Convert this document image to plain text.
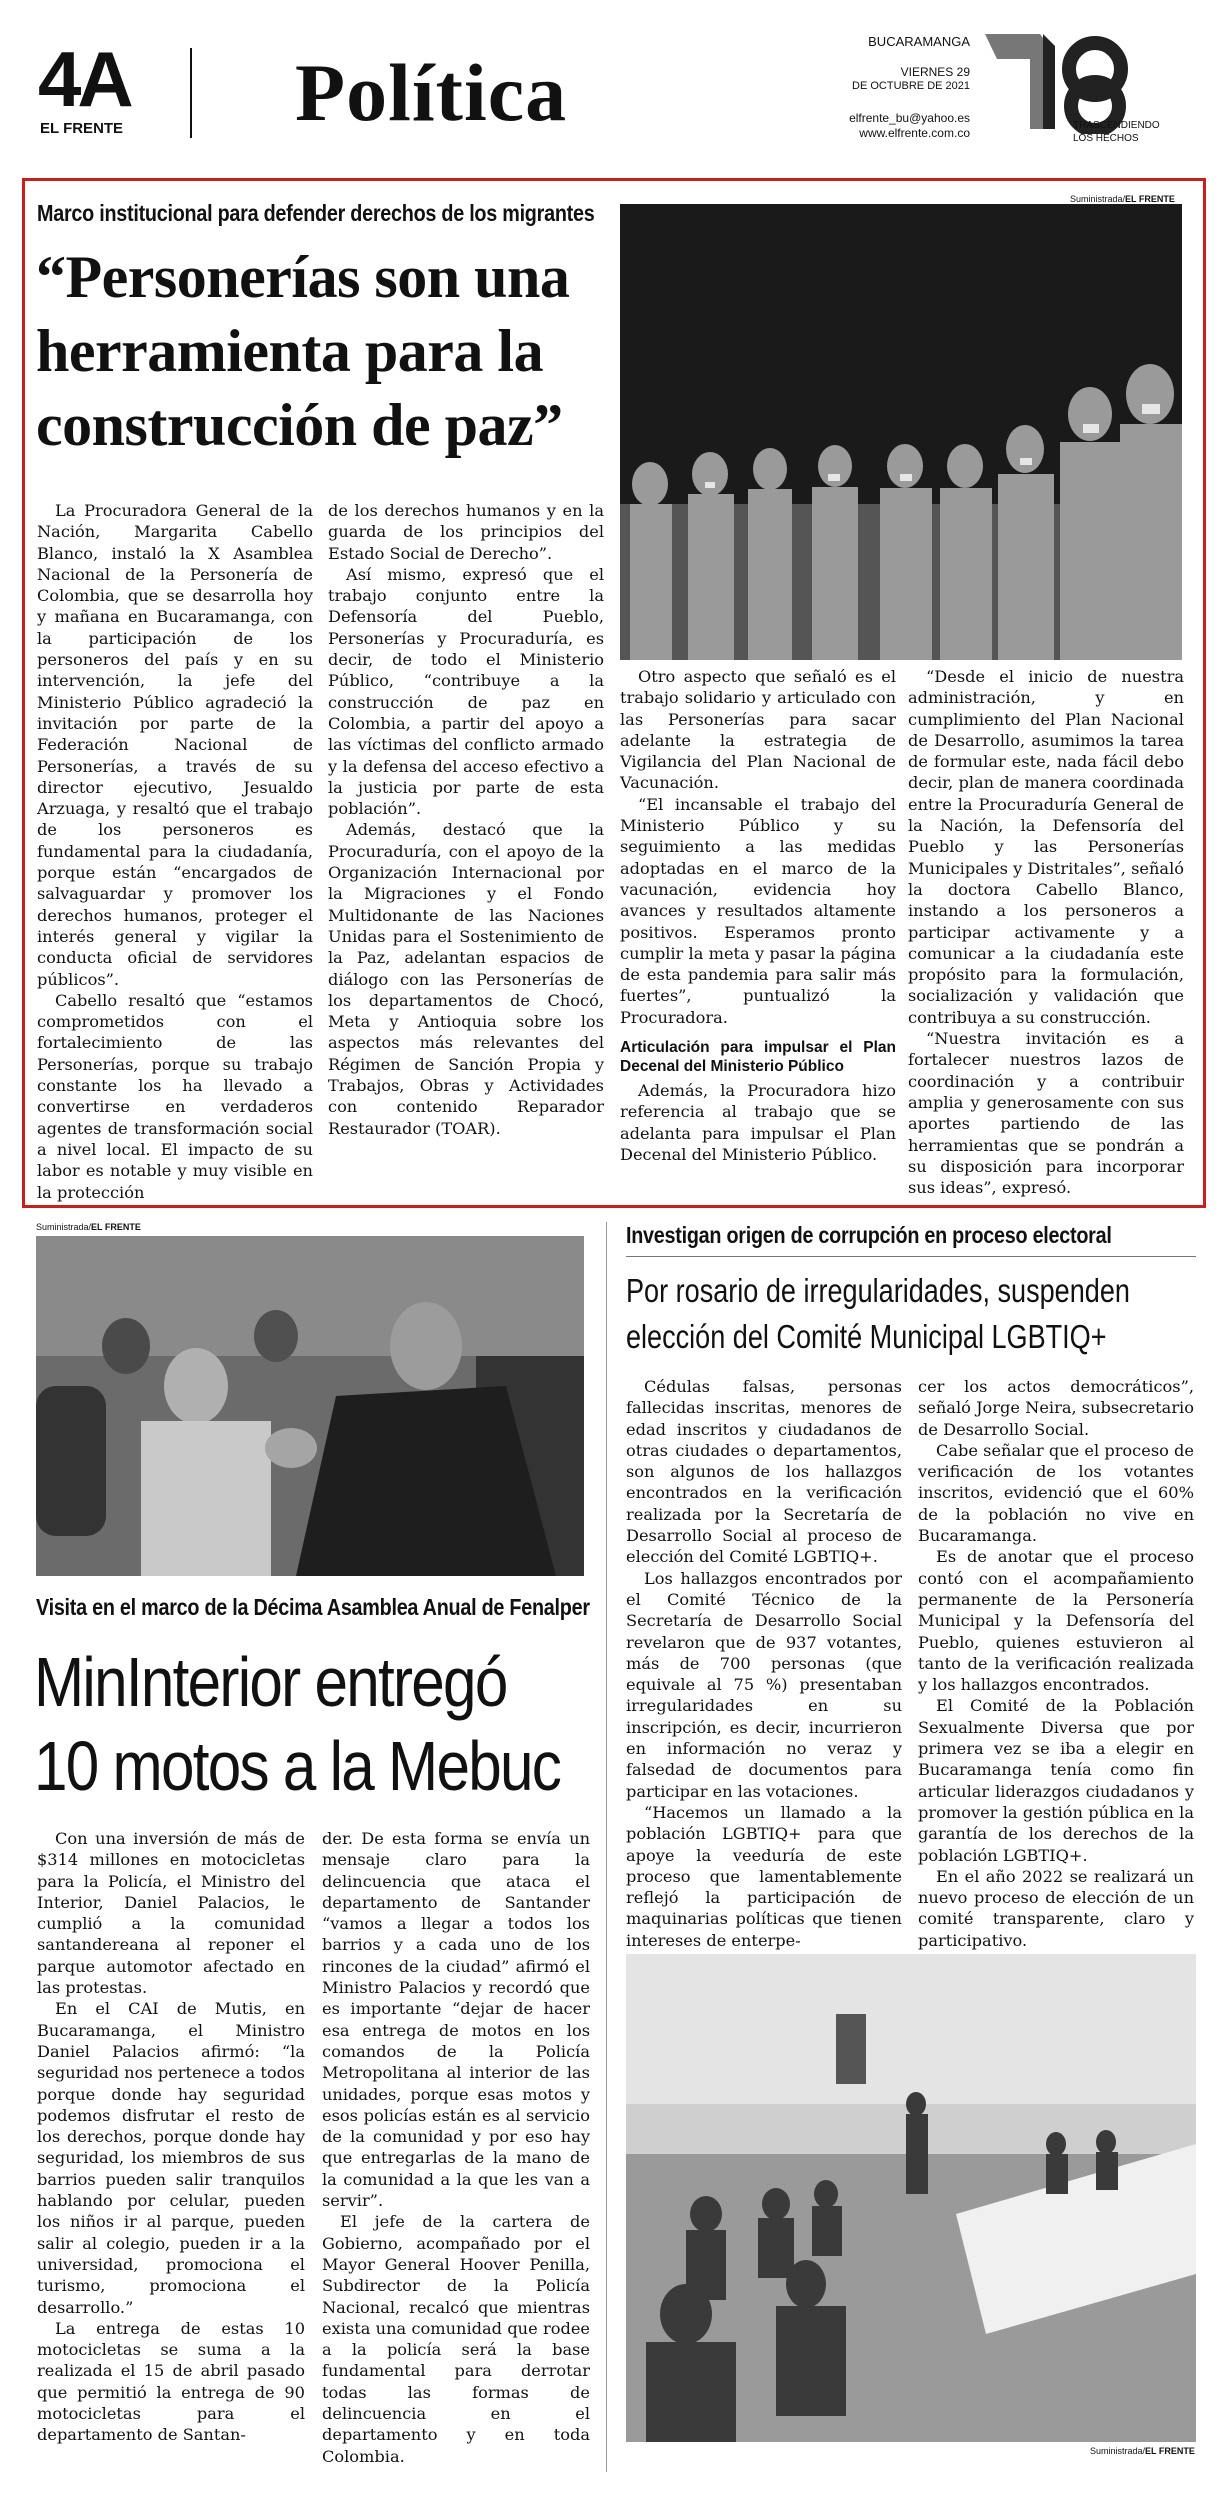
4A
EL FRENTE Política
BUCARAMANGA
VIERNES 29
DE OCTUBRE DE 2021
elfrente_bu@yahoo.es
www.elfrente.com.co
TRASCENDIENDO
LOS HECHOS
Marco institucional para defender derechos de los migrantes
“Personerías son una
herramienta para la
construcción de paz”
Suministrada/EL FRENTE

La Procuradora General de la Nación, Margarita Cabello Blanco, instaló la X Asamblea Nacional de la Personería de Colombia, que se desarrolla hoy y mañana en Bucaramanga, con la participación de los personeros del país y en su intervención, la jefe del Ministerio Público agradeció la invitación por parte de la Federación Nacional de Personerías, a través de su director ejecutivo, Jesualdo Arzuaga, y resaltó que el trabajo de los personeros es fundamental para la ciudadanía, porque están “encargados de salvaguardar y promover los derechos humanos, proteger el interés general y vigilar la conducta oficial de servidores públicos”.

Cabello resaltó que “estamos comprometidos con el fortalecimiento de las Personerías, porque su trabajo constante los ha llevado a convertirse en verdaderos agentes de transformación social a nivel local. El impacto de su labor es notable y muy visible en la protección

de los derechos humanos y en la guarda de los principios del Estado Social de Derecho”.

Así mismo, expresó que el trabajo conjunto entre la Defensoría del Pueblo, Personerías y Procuraduría, es decir, de todo el Ministerio Público, “contribuye a la construcción de paz en Colombia, a partir del apoyo a las víctimas del conflicto armado y la defensa del acceso efectivo a la justicia por parte de esta población”.

Además, destacó que la Procuraduría, con el apoyo de la Organización Internacional por la Migraciones y el Fondo Multidonante de las Naciones Unidas para el Sostenimiento de la Paz, adelantan espacios de diálogo con las Personerías de los departamentos de Chocó, Meta y Antioquia sobre los aspectos más relevantes del Régimen de Sanción Propia y Trabajos, Obras y Actividades con contenido Reparador Restaurador (TOAR).

Otro aspecto que señaló es el trabajo solidario y articulado con las Personerías para sacar adelante la estrategia de Vigilancia del Plan Nacional de Vacunación.

“El incansable el trabajo del Ministerio Público y su seguimiento a las medidas adoptadas en el marco de la vacunación, evidencia hoy avances y resultados altamente positivos. Esperamos pronto cumplir la meta y pasar la página de esta pandemia para salir más fuertes”, puntualizó la Procuradora.

Articulación para impulsar el Plan Decenal del Ministerio Público

Además, la Procuradora hizo referencia al trabajo que se adelanta para impulsar el Plan Decenal del Ministerio Público.

“Desde el inicio de nuestra administración, y en cumplimiento del Plan Nacional de Desarrollo, asumimos la tarea de formular este, nada fácil debo decir, plan de manera coordinada entre la Procuraduría General de la Nación, la Defensoría del Pueblo y las Personerías Municipales y Distritales”, señaló la doctora Cabello Blanco, instando a los personeros a participar activamente y a comunicar a la ciudadanía este propósito para la formulación, socialización y validación que contribuya a su construcción.

“Nuestra invitación es a fortalecer nuestros lazos de coordinación y a contribuir amplia y generosamente con sus aportes partiendo de las herramientas que se pondrán a su disposición para incorporar sus ideas”, expresó.

Suministrada/EL FRENTE
Visita en el marco de la Décima Asamblea Anual de Fenalper
MinInterior entregó
10 motos a la Mebuc

Con una inversión de más de $314 millones en motocicletas para la Policía, el Ministro del Interior, Daniel Palacios, le cumplió a la comunidad santandereana al reponer el parque automotor afectado en las protestas.

En el CAI de Mutis, en Bucaramanga, el Ministro Daniel Palacios afirmó: “la seguridad nos pertenece a todos porque donde hay seguridad podemos disfrutar el resto de los derechos, porque donde hay seguridad, los miembros de sus barrios pueden salir tranquilos hablando por celular, pueden los niños ir al parque, pueden salir al colegio, pueden ir a la universidad, promociona el turismo, promociona el desarrollo.”

La entrega de estas 10 motocicletas se suma a la realizada el 15 de abril pasado que permitió la entrega de 90 motocicletas para el departamento de Santan-

der. De esta forma se envía un mensaje claro para la delincuencia que ataca el departamento de Santander “vamos a llegar a todos los barrios y a cada uno de los rincones de la ciudad” afirmó el Ministro Palacios y recordó que es importante “dejar de hacer esa entrega de motos en los comandos de la Policía Metropolitana al interior de las unidades, porque esas motos y esos policías están es al servicio de la comunidad y por eso hay que entregarlas de la mano de la comunidad a la que les van a servir”.

El jefe de la cartera de Gobierno, acompañado por el Mayor General Hoover Penilla, Subdirector de la Policía Nacional, recalcó que mientras exista una comunidad que rodee a la policía será la base fundamental para derrotar todas las formas de delincuencia en el departamento y en toda Colombia.

Investigan origen de corrupción en proceso electoral
Por rosario de irregularidades, suspenden
elección del Comité Municipal LGBTIQ+

Cédulas falsas, personas fallecidas inscritas, menores de edad inscritos y ciudadanos de otras ciudades o departamentos, son algunos de los hallazgos encontrados en la verificación realizada por la Secretaría de Desarrollo Social al proceso de elección del Comité LGBTIQ+.

Los hallazgos encontrados por el Comité Técnico de la Secretaría de Desarrollo Social revelaron que de 937 votantes, más de 700 personas (que equivale al 75 %) presentaban irregularidades en su inscripción, es decir, incurrieron en información no veraz y falsedad de documentos para participar en las votaciones.

“Hacemos un llamado a la población LGBTIQ+ para que apoye la veeduría de este proceso que lamentablemente reflejó la participación de maquinarias políticas que tienen intereses de enterpe-

cer los actos democráticos”, señaló Jorge Neira, subsecretario de Desarrollo Social.

Cabe señalar que el proceso de verificación de los votantes inscritos, evidenció que el 60% de la población no vive en Bucaramanga.

Es de anotar que el proceso contó con el acompañamiento permanente de la Personería Municipal y la Defensoría del Pueblo, quienes estuvieron al tanto de la verificación realizada y los hallazgos encontrados.

El Comité de la Población Sexualmente Diversa que por primera vez se iba a elegir en Bucaramanga tenía como fin articular liderazgos ciudadanos y promover la gestión pública en la garantía de los derechos de la población LGBTIQ+.

En el año 2022 se realizará un nuevo proceso de elección de un comité transparente, claro y participativo.

Suministrada/EL FRENTE
